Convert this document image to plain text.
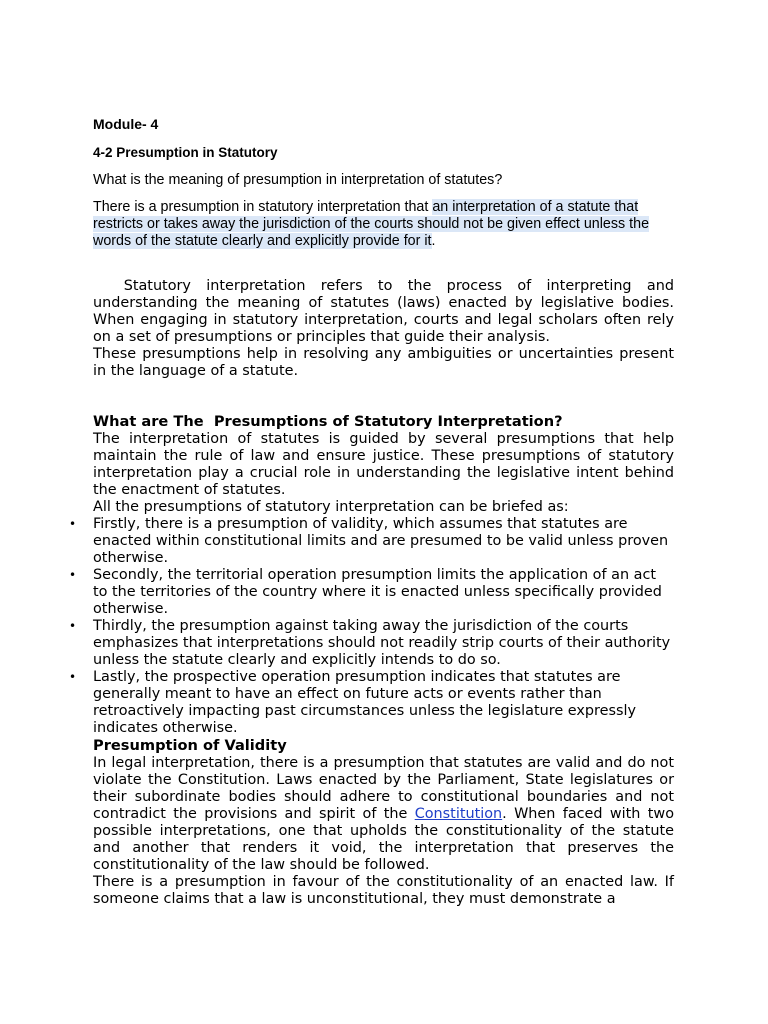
Module- 4
4-2 Presumption in Statutory
What is the meaning of presumption in interpretation of statutes?
There is a presumption in statutory interpretation that an interpretation of a statute that restricts or takes away the jurisdiction of the courts should not be given effect unless the words of the statute clearly and explicitly provide for it.
Statutory interpretation refers to the process of interpreting and understanding the meaning of statutes (laws) enacted by legislative bodies. When engaging in statutory interpretation, courts and legal scholars often rely on a set of presumptions or principles that guide their analysis.
These presumptions help in resolving any ambiguities or uncertainties present in the language of a statute.
What are The  Presumptions of Statutory Interpretation?
The interpretation of statutes is guided by several presumptions that help maintain the rule of law and ensure justice. These presumptions of statutory interpretation play a crucial role in understanding the legislative intent behind the enactment of statutes.
All the presumptions of statutory interpretation can be briefed as:
• Firstly, there is a presumption of validity, which assumes that statutes are enacted within constitutional limits and are presumed to be valid unless proven otherwise.
• Secondly, the territorial operation presumption limits the application of an act to the territories of the country where it is enacted unless specifically provided otherwise.
• Thirdly, the presumption against taking away the jurisdiction of the courts emphasizes that interpretations should not readily strip courts of their authority unless the statute clearly and explicitly intends to do so.
• Lastly, the prospective operation presumption indicates that statutes are generally meant to have an effect on future acts or events rather than retroactively impacting past circumstances unless the legislature expressly indicates otherwise.
Presumption of Validity
In legal interpretation, there is a presumption that statutes are valid and do not violate the Constitution. Laws enacted by the Parliament, State legislatures or their subordinate bodies should adhere to constitutional boundaries and not contradict the provisions and spirit of the Constitution. When faced with two possible interpretations, one that upholds the constitutionality of the statute and another that renders it void, the interpretation that preserves the constitutionality of the law should be followed.
There is a presumption in favour of the constitutionality of an enacted law. If someone claims that a law is unconstitutional, they must demonstrate a
